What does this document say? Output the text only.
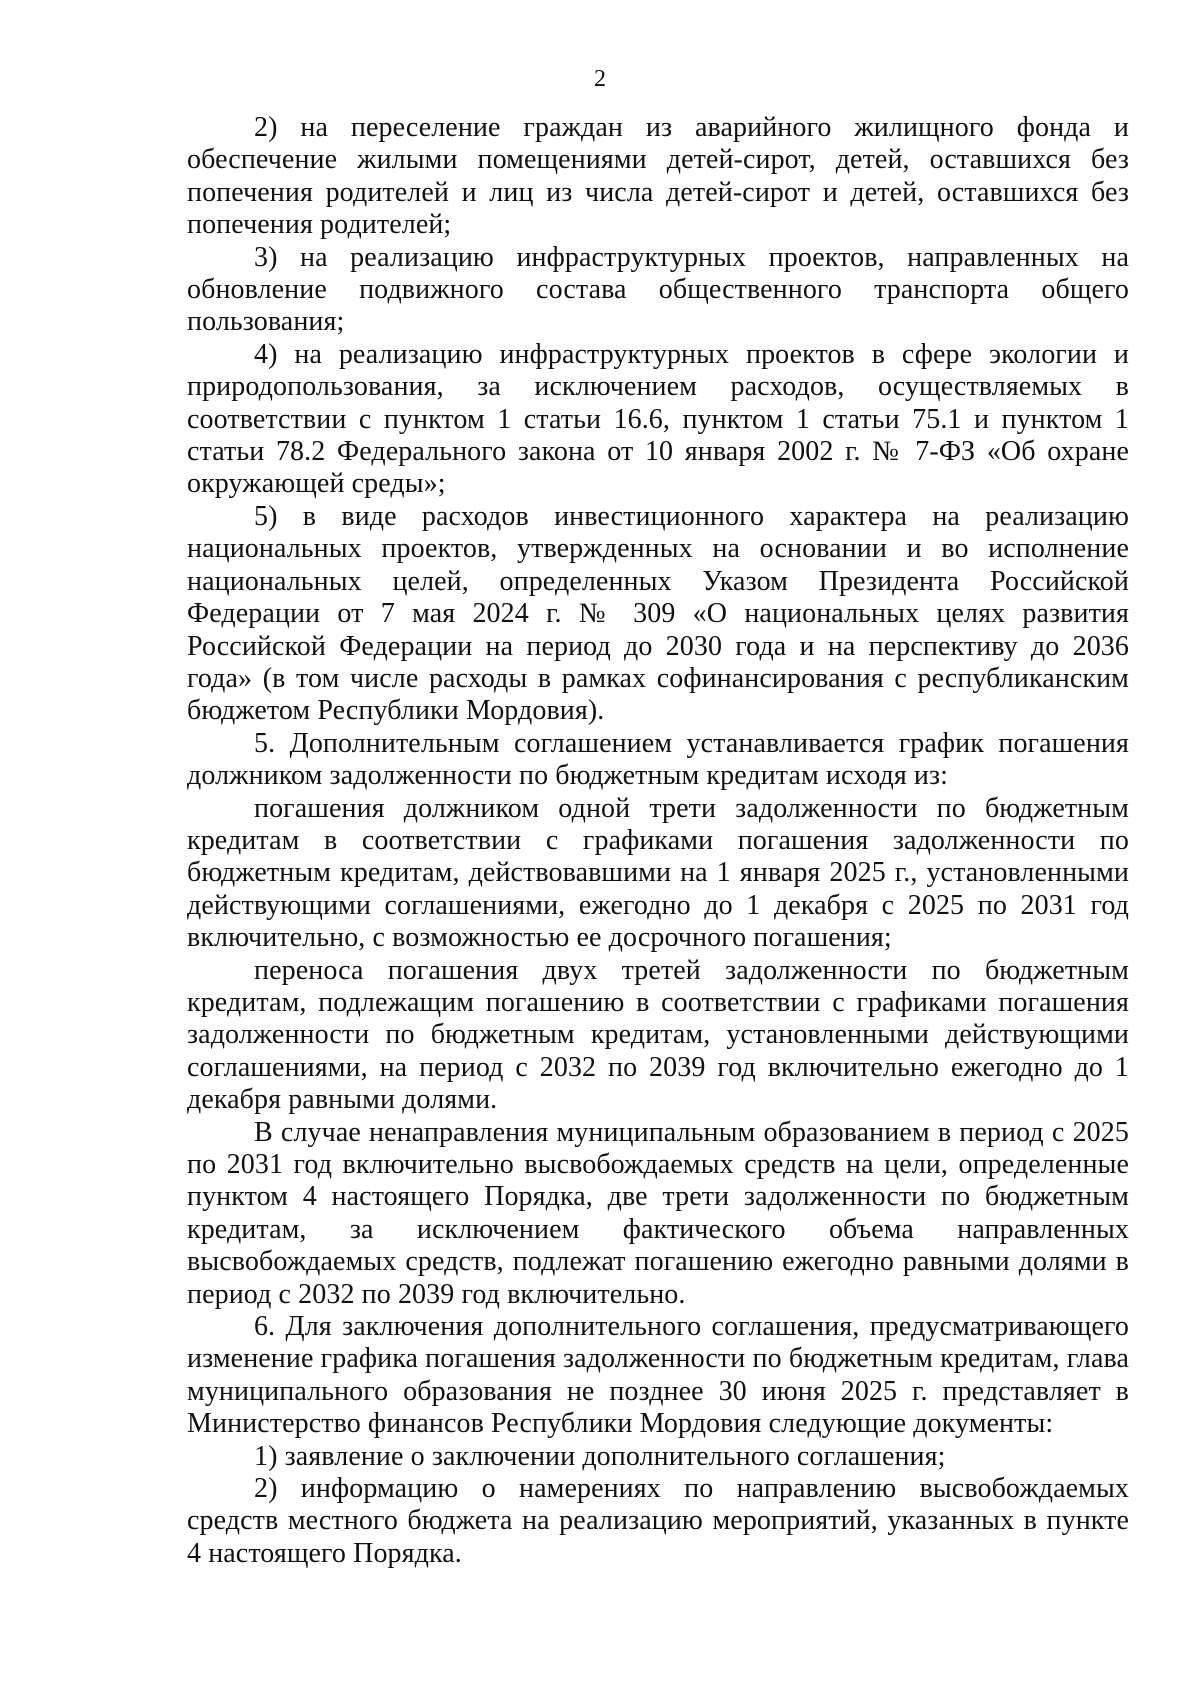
2

2) на переселение граждан из аварийного жилищного фонда и обеспечение жилыми помещениями детей-сирот, детей, оставшихся без попечения родителей и лиц из числа детей-сирот и детей, оставшихся без попечения родителей;

3) на реализацию инфраструктурных проектов, направленных на обновление подвижного состава общественного транспорта общего пользования;

4) на реализацию инфраструктурных проектов в сфере экологии и природопользования, за исключением расходов, осуществляемых в соответствии с пунктом 1 статьи 16.6, пунктом 1 статьи 75.1 и пунктом 1 статьи 78.2 Федерального закона от 10 января 2002 г. № 7-ФЗ «Об охране окружающей среды»;

5) в виде расходов инвестиционного характера на реализацию национальных проектов, утвержденных на основании и во исполнение национальных целей, определенных Указом Президента Российской Федерации от 7 мая 2024 г. № 309 «О национальных целях развития Российской Федерации на период до 2030 года и на перспективу до 2036 года» (в том числе расходы в рамках софинансирования с республиканским бюджетом Республики Мордовия).

5. Дополнительным соглашением устанавливается график погашения должником задолженности по бюджетным кредитам исходя из:

погашения должником одной трети задолженности по бюджетным кредитам в соответствии с графиками погашения задолженности по бюджетным кредитам, действовавшими на 1 января 2025 г., установленными действующими соглашениями, ежегодно до 1 декабря с 2025 по 2031 год включительно, с возможностью ее досрочного погашения;

переноса погашения двух третей задолженности по бюджетным кредитам, подлежащим погашению в соответствии с графиками погашения задолженности по бюджетным кредитам, установленными действующими соглашениями, на период с 2032 по 2039 год включительно ежегодно до 1 декабря равными долями.

В случае ненаправления муниципальным образованием в период с 2025 по 2031 год включительно высвобождаемых средств на цели, определенные пунктом 4 настоящего Порядка, две трети задолженности по бюджетным кредитам, за исключением фактического объема направленных высвобождаемых средств, подлежат погашению ежегодно равными долями в период с 2032 по 2039 год включительно.

6. Для заключения дополнительного соглашения, предусматривающего изменение графика погашения задолженности по бюджетным кредитам, глава муниципального образования не позднее 30 июня 2025 г. представляет в Министерство финансов Республики Мордовия следующие документы:

1) заявление о заключении дополнительного соглашения;

2) информацию о намерениях по направлению высвобождаемых средств местного бюджета на реализацию мероприятий, указанных в пункте 4 настоящего Порядка.
